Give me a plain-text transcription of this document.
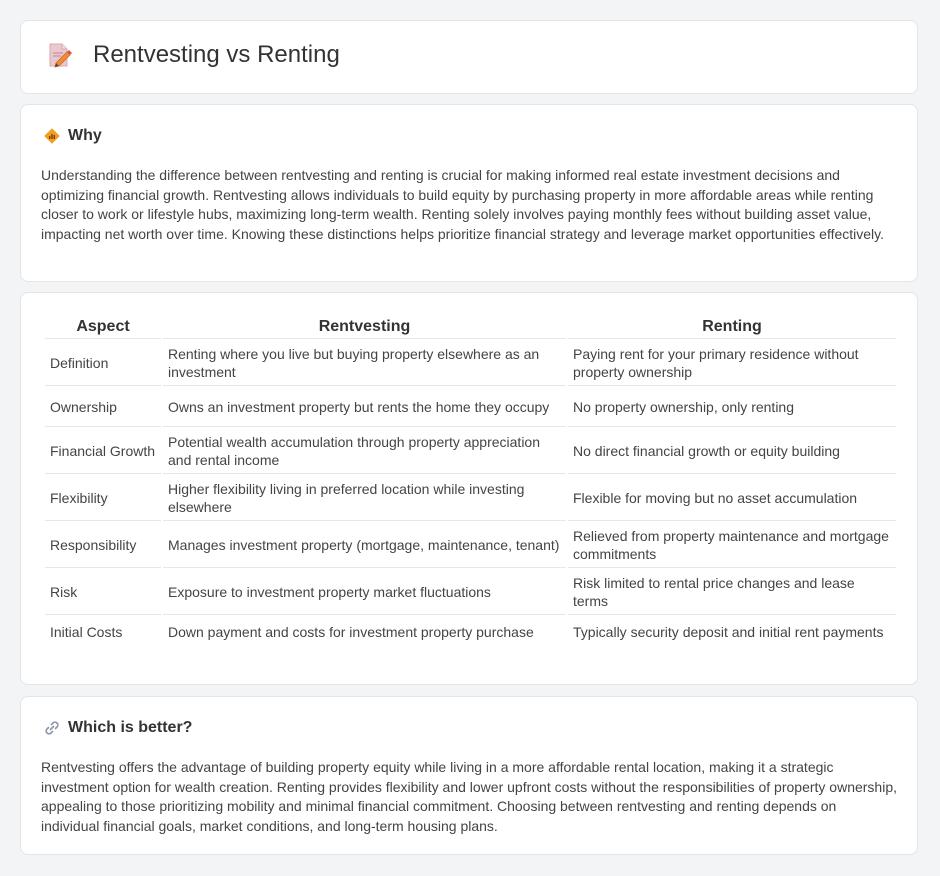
Rentvesting vs Renting
Why
Understanding the difference between rentvesting and renting is crucial for making informed real estate investment decisions and optimizing financial growth. Rentvesting allows individuals to build equity by purchasing property in more affordable areas while renting closer to work or lifestyle hubs, maximizing long-term wealth. Renting solely involves paying monthly fees without building asset value, impacting net worth over time. Knowing these distinctions helps prioritize financial strategy and leverage market opportunities effectively.
Aspect	Rentvesting	Renting
Definition	Renting where you live but buying property elsewhere as an investment	Paying rent for your primary residence without property ownership
Ownership	Owns an investment property but rents the home they occupy	No property ownership, only renting
Financial Growth	Potential wealth accumulation through property appreciation and rental income	No direct financial growth or equity building
Flexibility	Higher flexibility living in preferred location while investing elsewhere	Flexible for moving but no asset accumulation
Responsibility	Manages investment property (mortgage, maintenance, tenant)	Relieved from property maintenance and mortgage commitments
Risk	Exposure to investment property market fluctuations	Risk limited to rental price changes and lease terms
Initial Costs	Down payment and costs for investment property purchase	Typically security deposit and initial rent payments
Which is better?
Rentvesting offers the advantage of building property equity while living in a more affordable rental location, making it a strategic investment option for wealth creation. Renting provides flexibility and lower upfront costs without the responsibilities of property ownership, appealing to those prioritizing mobility and minimal financial commitment. Choosing between rentvesting and renting depends on individual financial goals, market conditions, and long-term housing plans.
